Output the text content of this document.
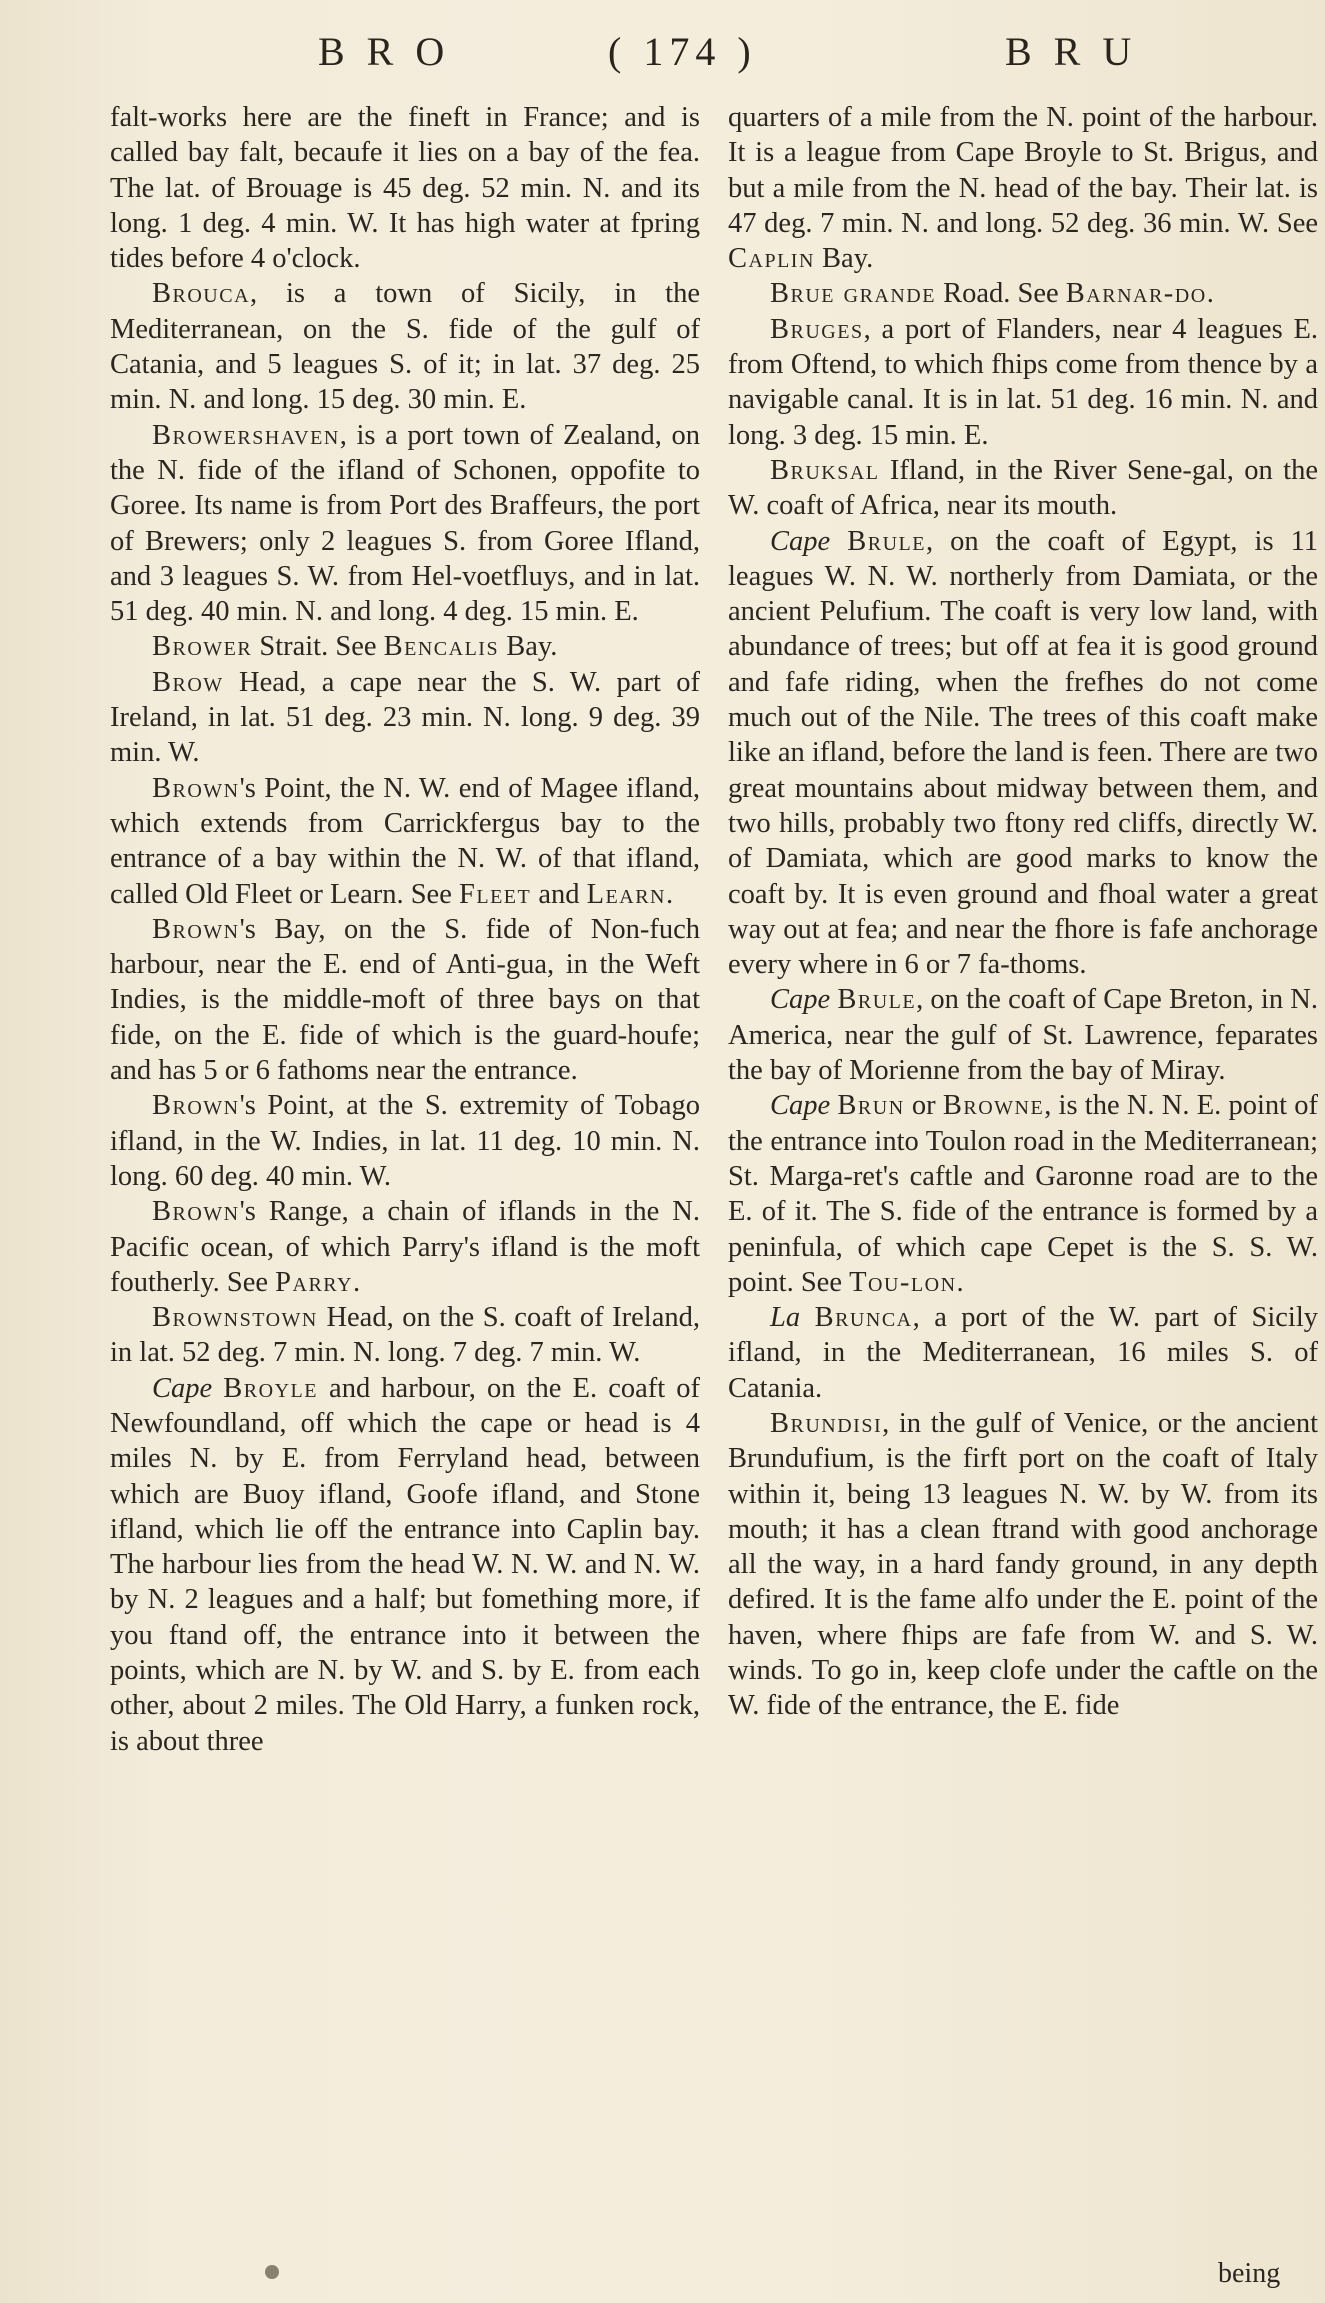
B R O	( 174 )	B R U

falt-works here are the fineft in France; and is called bay falt, becaufe it lies on a bay of the fea. The lat. of Brouage is 45 deg. 52 min. N. and its long. 1 deg. 4 min. W. It has high water at fpring tides before 4 o'clock.

Brouca, is a town of Sicily, in the Mediterranean, on the S. fide of the gulf of Catania, and 5 leagues S. of it; in lat. 37 deg. 25 min. N. and long. 15 deg. 30 min. E.

Browershaven, is a port town of Zealand, on the N. fide of the ifland of Schonen, oppofite to Goree. Its name is from Port des Braffeurs, the port of Brewers; only 2 leagues S. from Goree Ifland, and 3 leagues S. W. from Hel-voetfluys, and in lat. 51 deg. 40 min. N. and long. 4 deg. 15 min. E.

Brower Strait. See Bencalis Bay.

Brow Head, a cape near the S. W. part of Ireland, in lat. 51 deg. 23 min. N. long. 9 deg. 39 min. W.

Brown's Point, the N. W. end of Magee ifland, which extends from Carrickfergus bay to the entrance of a bay within the N. W. of that ifland, called Old Fleet or Learn. See Fleet and Learn.

Brown's Bay, on the S. fide of Non-fuch harbour, near the E. end of Anti-gua, in the Weft Indies, is the middle-moft of three bays on that fide, on the E. fide of which is the guard-houfe; and has 5 or 6 fathoms near the entrance.

Brown's Point, at the S. extremity of Tobago ifland, in the W. Indies, in lat. 11 deg. 10 min. N. long. 60 deg. 40 min. W.

Brown's Range, a chain of iflands in the N. Pacific ocean, of which Parry's ifland is the moft foutherly. See Parry.

Brownstown Head, on the S. coaft of Ireland, in lat. 52 deg. 7 min. N. long. 7 deg. 7 min. W.

Cape Broyle and harbour, on the E. coaft of Newfoundland, off which the cape or head is 4 miles N. by E. from Ferryland head, between which are Buoy ifland, Goofe ifland, and Stone ifland, which lie off the entrance into Caplin bay. The harbour lies from the head W. N. W. and N. W. by N. 2 leagues and a half; but fomething more, if you ftand off, the entrance into it between the points, which are N. by W. and S. by E. from each other, about 2 miles. The Old Harry, a funken rock, is about three

quarters of a mile from the N. point of the harbour. It is a league from Cape Broyle to St. Brigus, and but a mile from the N. head of the bay. Their lat. is 47 deg. 7 min. N. and long. 52 deg. 36 min. W. See Caplin Bay.

Brue grande Road. See Barnar-do.

Bruges, a port of Flanders, near 4 leagues E. from Oftend, to which fhips come from thence by a navigable canal. It is in lat. 51 deg. 16 min. N. and long. 3 deg. 15 min. E.

Bruksal Ifland, in the River Sene-gal, on the W. coaft of Africa, near its mouth.

Cape Brule, on the coaft of Egypt, is 11 leagues W. N. W. northerly from Damiata, or the ancient Pelufium. The coaft is very low land, with abundance of trees; but off at fea it is good ground and fafe riding, when the frefhes do not come much out of the Nile. The trees of this coaft make like an ifland, before the land is feen. There are two great mountains about midway between them, and two hills, probably two ftony red cliffs, directly W. of Damiata, which are good marks to know the coaft by. It is even ground and fhoal water a great way out at fea; and near the fhore is fafe anchorage every where in 6 or 7 fa-thoms.

Cape Brule, on the coaft of Cape Breton, in N. America, near the gulf of St. Lawrence, feparates the bay of Morienne from the bay of Miray.

Cape Brun or Browne, is the N. N. E. point of the entrance into Toulon road in the Mediterranean; St. Marga-ret's caftle and Garonne road are to the E. of it. The S. fide of the entrance is formed by a peninfula, of which cape Cepet is the S. S. W. point. See Tou-lon.

La Brunca, a port of the W. part of Sicily ifland, in the Mediterranean, 16 miles S. of Catania.

Brundisi, in the gulf of Venice, or the ancient Brundufium, is the firft port on the coaft of Italy within it, being 13 leagues N. W. by W. from its mouth; it has a clean ftrand with good anchorage all the way, in a hard fandy ground, in any depth defired. It is the fame alfo under the E. point of the haven, where fhips are fafe from W. and S. W. winds. To go in, keep clofe under the caftle on the W. fide of the entrance, the E. fide

being
